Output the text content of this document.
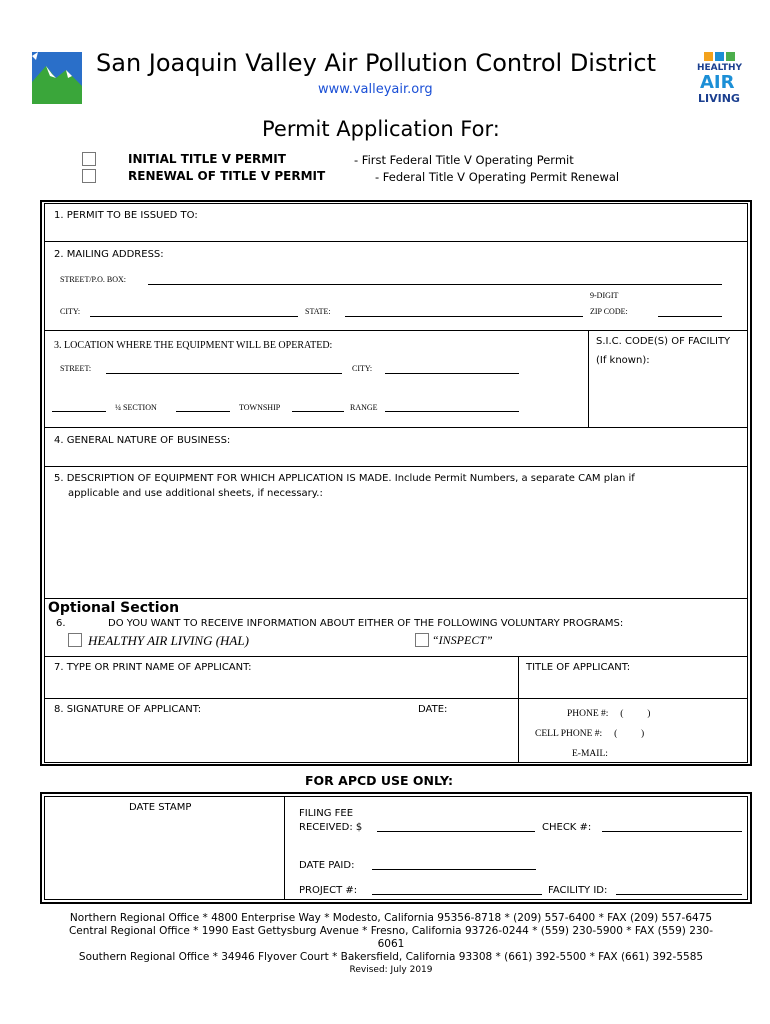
San Joaquin Valley Air Pollution Control District
www.valleyair.org
HEALTHY
AIR
LIVING
Permit Application For:
INITIAL TITLE V PERMIT	- First Federal Title V Operating Permit
RENEWAL OF TITLE V PERMIT	- Federal Title V Operating Permit Renewal
1. PERMIT TO BE ISSUED TO:
2. MAILING ADDRESS:
STREET/P.O. BOX:
9-DIGIT
CITY:	STATE:	ZIP CODE:
3. LOCATION WHERE THE EQUIPMENT WILL BE OPERATED:	S.I.C. CODE(S) OF FACILITY
(If known):
STREET:	CITY:
¼ SECTION	TOWNSHIP	RANGE
4. GENERAL NATURE OF BUSINESS:
5. DESCRIPTION OF EQUIPMENT FOR WHICH APPLICATION IS MADE. Include Permit Numbers, a separate CAM plan if
applicable and use additional sheets, if necessary.:
Optional Section
6.	DO YOU WANT TO RECEIVE INFORMATION ABOUT EITHER OF THE FOLLOWING VOLUNTARY PROGRAMS:
HEALTHY AIR LIVING (HAL)	“INSPECT”
7. TYPE OR PRINT NAME OF APPLICANT:	TITLE OF APPLICANT:
8. SIGNATURE OF APPLICANT:	DATE:	PHONE #:     (          )
CELL PHONE #:     (          )
E-MAIL:
FOR APCD USE ONLY:
DATE STAMP
FILING FEE
RECEIVED: $	CHECK #:
DATE PAID:
PROJECT #:	FACILITY ID:
Northern Regional Office * 4800 Enterprise Way * Modesto, California 95356-8718 * (209) 557-6400 * FAX (209) 557-6475
Central Regional Office * 1990 East Gettysburg Avenue * Fresno, California 93726-0244 * (559) 230-5900 * FAX (559) 230-
6061
Southern Regional Office * 34946 Flyover Court * Bakersfield, California 93308 * (661) 392-5500 * FAX (661) 392-5585
Revised: July 2019
